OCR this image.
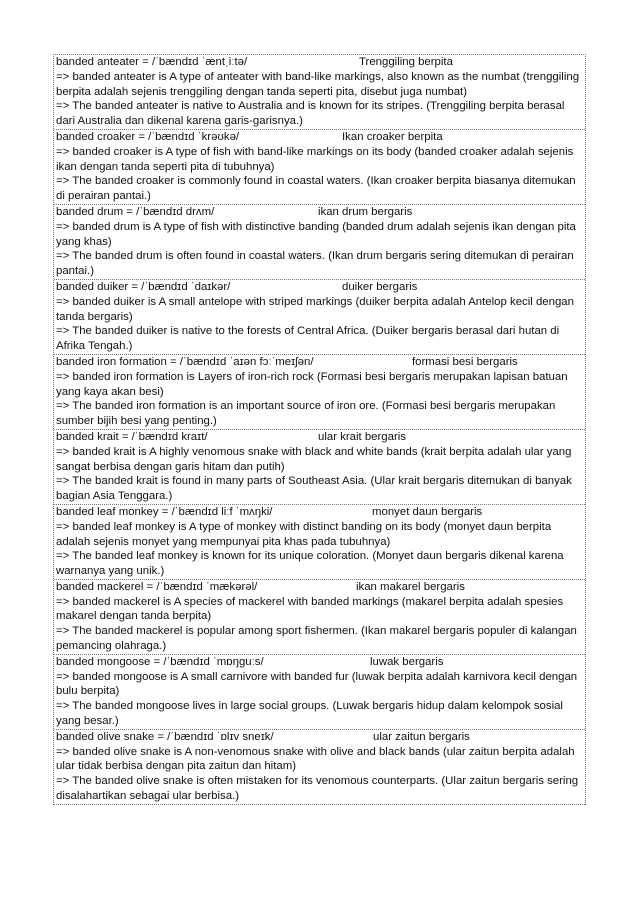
banded anteater = /ˈbændɪd ˈæntˌiːtə/	Trenggiling berpita
=> banded anteater is A type of anteater with band-like markings, also known as the numbat (trenggiling berpita adalah sejenis trenggiling dengan tanda seperti pita, disebut juga numbat)
=> The banded anteater is native to Australia and is known for its stripes. (Trenggiling berpita berasal dari Australia dan dikenal karena garis-garisnya.)
banded croaker = /ˈbændɪd ˈkrəʊkə/	Ikan croaker berpita
=> banded croaker is A type of fish with band-like markings on its body (banded croaker adalah sejenis ikan dengan tanda seperti pita di tubuhnya)
=> The banded croaker is commonly found in coastal waters. (Ikan croaker berpita biasanya ditemukan di perairan pantai.)
banded drum = /ˈbændɪd drʌm/	ikan drum bergaris
=> banded drum is A type of fish with distinctive banding (banded drum adalah sejenis ikan dengan pita yang khas)
=> The banded drum is often found in coastal waters. (Ikan drum bergaris sering ditemukan di perairan pantai.)
banded duiker = /ˈbændɪd ˈdaɪkər/	duiker bergaris
=> banded duiker is A small antelope with striped markings (duiker berpita adalah Antelop kecil dengan tanda bergaris)
=> The banded duiker is native to the forests of Central Africa. (Duiker bergaris berasal dari hutan di Afrika Tengah.)
banded iron formation = /ˈbændɪd ˈaɪən fɔːˈmeɪʃən/	formasi besi bergaris
=> banded iron formation is Layers of iron-rich rock (Formasi besi bergaris merupakan lapisan batuan yang kaya akan besi)
=> The banded iron formation is an important source of iron ore. (Formasi besi bergaris merupakan sumber bijih besi yang penting.)
banded krait = /ˈbændɪd kraɪt/	ular krait bergaris
=> banded krait is A highly venomous snake with black and white bands (krait berpita adalah ular yang sangat berbisa dengan garis hitam dan putih)
=> The banded krait is found in many parts of Southeast Asia. (Ular krait bergaris ditemukan di banyak bagian Asia Tenggara.)
banded leaf monkey = /ˈbændɪd liːf ˈmʌŋki/	monyet daun bergaris
=> banded leaf monkey is A type of monkey with distinct banding on its body (monyet daun berpita adalah sejenis monyet yang mempunyai pita khas pada tubuhnya)
=> The banded leaf monkey is known for its unique coloration. (Monyet daun bergaris dikenal karena warnanya yang unik.)
banded mackerel = /ˈbændɪd ˈmækərəl/	ikan makarel bergaris
=> banded mackerel is A species of mackerel with banded markings (makarel berpita adalah spesies makarel dengan tanda berpita)
=> The banded mackerel is popular among sport fishermen. (Ikan makarel bergaris populer di kalangan pemancing olahraga.)
banded mongoose = /ˈbændɪd ˈmɒŋɡuːs/	luwak bergaris
=> banded mongoose is A small carnivore with banded fur (luwak berpita adalah karnivora kecil dengan bulu berpita)
=> The banded mongoose lives in large social groups. (Luwak bergaris hidup dalam kelompok sosial yang besar.)
banded olive snake = /ˈbændɪd ˈɒlɪv sneɪk/	ular zaitun bergaris
=> banded olive snake is A non-venomous snake with olive and black bands (ular zaitun berpita adalah ular tidak berbisa dengan pita zaitun dan hitam)
=> The banded olive snake is often mistaken for its venomous counterparts. (Ular zaitun bergaris sering disalahartikan sebagai ular berbisa.)
